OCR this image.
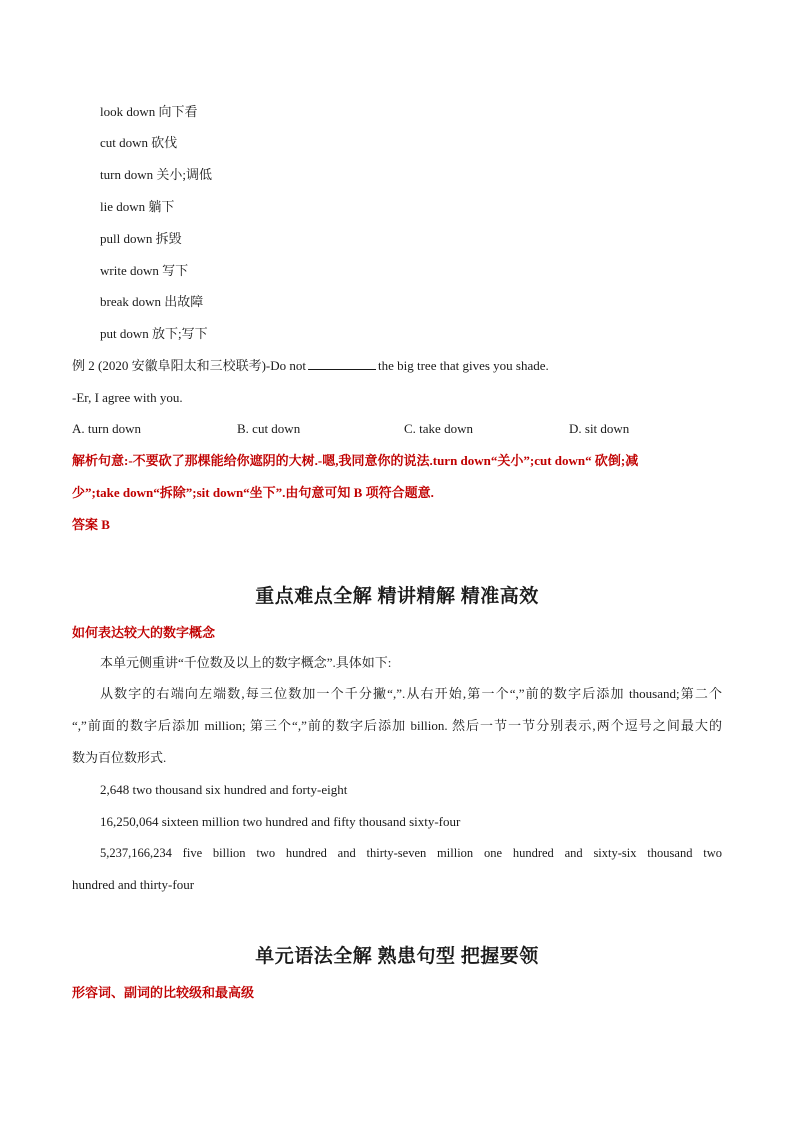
look down 向下看
cut down 砍伐
turn down 关小;调低
lie down 躺下
pull down 拆毁
write down 写下
break down 出故障
put down 放下;写下
例 2 (2020 安徽阜阳太和三校联考)-Do not	the big tree that gives you shade.
-Er, I agree with you.
A. turn down	B. cut down	C. take down	D. sit down
解析句意:-不要砍了那棵能给你遮阴的大树.-嗯,我同意你的说法.turn down“关小”;cut down“ 砍倒;减
少”;take down“拆除”;sit down“坐下”.由句意可知 B 项符合题意.
答案 B
重点难点全解 精讲精解 精准高效
如何表达较大的数字概念
本单元侧重讲“千位数及以上的数字概念”.具体如下:
从数字的右端向左端数,每三位数加一个千分撇“,”.从右开始,第一个“,”前的数字后添加 thousand;第二个
“,”前面的数字后添加 million; 第三个“,”前的数字后添加 billion. 然后一节一节分别表示,两个逗号之间最大的
数为百位数形式.
2,648 two thousand six hundred and forty-eight
16,250,064 sixteen million two hundred and fifty thousand sixty-four
5,237,166,234 five billion two hundred and thirty-seven million one hundred and sixty-six thousand two
hundred and thirty-four
单元语法全解 熟患句型 把握要领
形容词、副词的比较级和最高级
